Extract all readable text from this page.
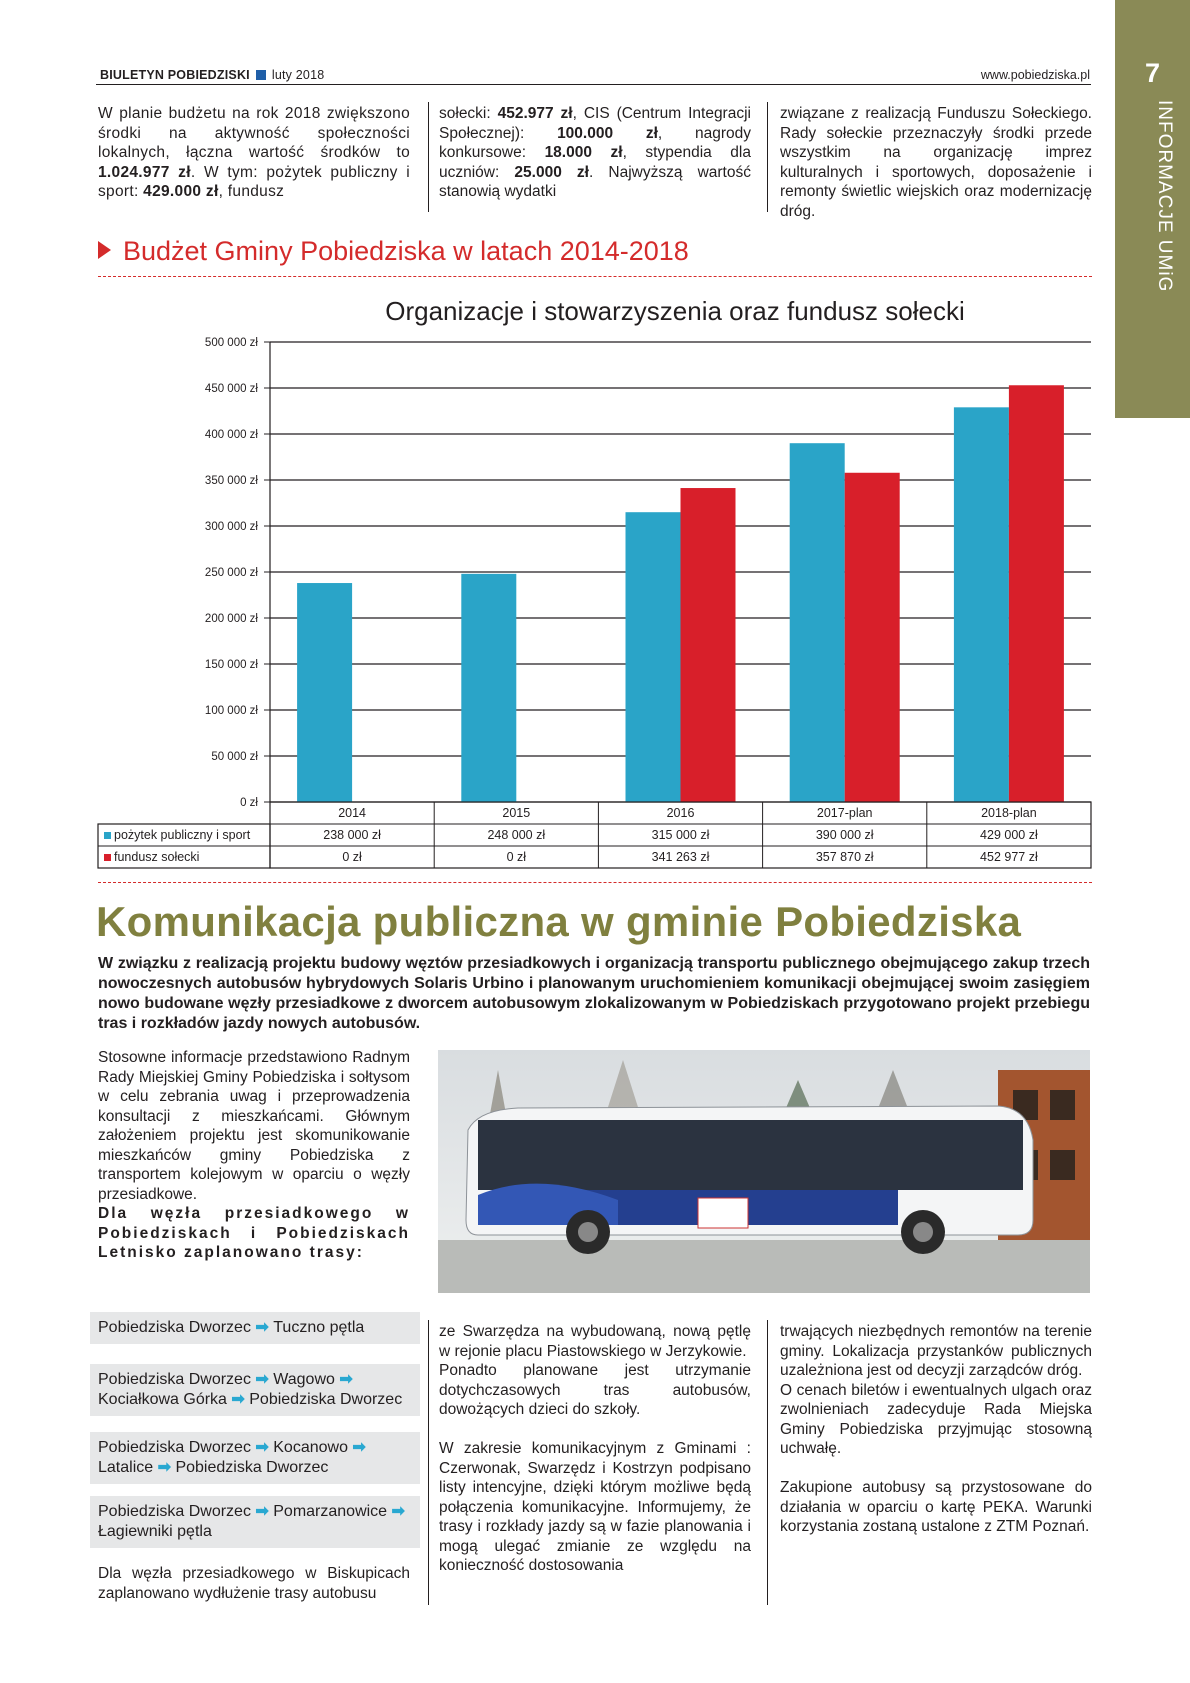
BIULETYN POBIEDZISKI luty 2018	www.pobiedziska.pl	7
INFORMACJE UMiG
W planie budżetu na rok 2018 zwiększono środki na aktywność społeczności lokalnych, łączna wartość środków to 1.024.977 zł. W tym: pożytek publiczny i sport: 429.000 zł, fundusz
sołecki: 452.977 zł, CIS (Centrum Integracji Społecznej): 100.000 zł, nagrody konkursowe: 18.000 zł, stypendia dla uczniów: 25.000 zł. Najwyższą wartość stanowią wydatki
związane z realizacją Funduszu Sołeckiego. Rady sołeckie przeznaczyły środki przede wszystkim na organizację imprez kulturalnych i sportowych, doposażenie i remonty świetlic wiejskich oraz modernizację dróg.
Budżet Gminy Pobiedziska w latach 2014-2018
Organizacje i stowarzyszenia oraz fundusz sołecki
0 zł
50 000 zł
100 000 zł
150 000 zł
200 000 zł
250 000 zł
300 000 zł
350 000 zł
400 000 zł
450 000 zł
500 000 zł
2014
238 000 zł
0 zł
2015
248 000 zł
0 zł
2016
315 000 zł
341 263 zł
2017-plan
390 000 zł
357 870 zł
2018-plan
429 000 zł
452 977 zł
pożytek publiczny i sport
fundusz sołecki
Komunikacja publiczna w gminie Pobiedziska
W związku z realizacją projektu budowy węztów przesiadkowych i organizacją transportu publicznego obejmującego zakup trzech nowoczesnych autobusów hybrydowych Solaris Urbino i planowanym uruchomieniem komunikacji obejmującej swoim zasięgiem nowo budowane węzły przesiadkowe z dworcem autobusowym zlokalizowanym w Pobiedziskach przygotowano projekt przebiegu tras i rozkładów jazdy nowych autobusów.
Stosowne informacje przedstawiono Radnym Rady Miejskiej Gminy Pobiedziska i sołtysom w celu zebrania uwag i przeprowadzenia konsultacji z mieszkańcami. Głównym założeniem projektu jest skomunikowanie mieszkańców gminy Pobiedziska z transportem kolejowym w oparciu o węzły przesiadkowe.
Dla węzła przesiadkowego w Pobiedziskach i Pobiedziskach Letnisko zaplanowano trasy:
Pobiedziska Dworzec ➡ Tuczno pętla
Pobiedziska Dworzec ➡ Wagowo ➡ Kociałkowa Górka ➡ Pobiedziska Dworzec
Pobiedziska Dworzec ➡ Kocanowo ➡ Latalice ➡ Pobiedziska Dworzec
Pobiedziska Dworzec ➡ Pomarzanowice ➡ Łagiewniki pętla
Dla węzła przesiadkowego w Biskupicach zaplanowano wydłużenie trasy autobusu
ze Swarzędza na wybudowaną, nową pętlę w rejonie placu Piastowskiego w Jerzykowie.
Ponadto planowane jest utrzymanie dotychczasowych tras autobusów, dowożących dzieci do szkoły.

W zakresie komunikacyjnym z Gminami : Czerwonak, Swarzędz i Kostrzyn podpisano listy intencyjne, dzięki którym możliwe będą połączenia komunikacyjne. Informujemy, że trasy i rozkłady jazdy są w fazie planowania i mogą ulegać zmianie ze względu na konieczność dostosowania
trwających niezbędnych remontów na terenie gminy. Lokalizacja przystanków publicznych uzależniona jest od decyzji zarządców dróg.
O cenach biletów i ewentualnych ulgach oraz zwolnieniach zadecyduje Rada Miejska Gminy Pobiedziska przyjmując stosowną uchwałę.

Zakupione autobusy są przystosowane do działania w oparciu o kartę PEKA. Warunki korzystania zostaną ustalone z ZTM Poznań.
